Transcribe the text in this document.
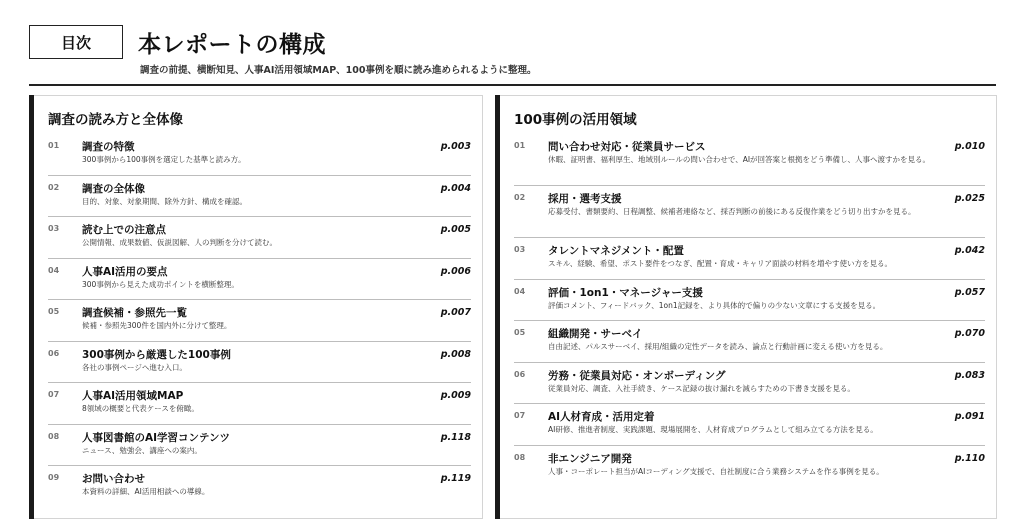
目次 本レポートの構成
調査の前提、横断知見、人事AI活用領域MAP、100事例を順に読み進められるように整理。
調査の読み方と全体像
01 調査の特徴
300事例から100事例を選定した基準と読み方。
p.003
02 調査の全体像
目的、対象、対象期間、除外方針、構成を確認。
p.004
03 読む上での注意点
公開情報、成果数値、仮説図解、人の判断を分けて読む。
p.005
04 人事AI活用の要点
300事例から見えた成功ポイントを横断整理。
p.006
05 調査候補・参照先一覧
候補・参照先300件を国内外に分けて整理。
p.007
06 300事例から厳選した100事例
各社の事例ページへ進む入口。
p.008
07 人事AI活用領域MAP
8領域の概要と代表ケースを俯瞰。
p.009
08 人事図書館のAI学習コンテンツ
ニュース、勉強会、講座への案内。
p.118
09 お問い合わせ
本資料の詳細、AI活用相談への導線。
p.119
100事例の活用領域
01 問い合わせ対応・従業員サービス
休暇、証明書、福利厚生、地域別ルールの問い合わせで、AIが回答案と根拠をどう準備し、人事へ渡すかを見る。
p.010
02 採用・選考支援
応募受付、書類要約、日程調整、候補者連絡など、採否判断の前後にある反復作業をどう切り出すかを見る。
p.025
03 タレントマネジメント・配置
スキル、経験、希望、ポスト要件をつなぎ、配置・育成・キャリア面談の材料を増やす使い方を見る。
p.042
04 評価・1on1・マネージャー支援
評価コメント、フィードバック、1on1記録を、より具体的で偏りの少ない文章にする支援を見る。
p.057
05 組織開発・サーベイ
自由記述、パルスサーベイ、採用/組織の定性データを読み、論点と行動計画に変える使い方を見る。
p.070
06 労務・従業員対応・オンボーディング
従業員対応、調査、入社手続き、ケース記録の抜け漏れを減らすための下書き支援を見る。
p.083
07 AI人材育成・活用定着
AI研修、推進者制度、実践課題、現場展開を、人材育成プログラムとして組み立てる方法を見る。
p.091
08 非エンジニア開発
人事・コーポレート担当がAIコーディング支援で、自社制度に合う業務システムを作る事例を見る。
p.110
